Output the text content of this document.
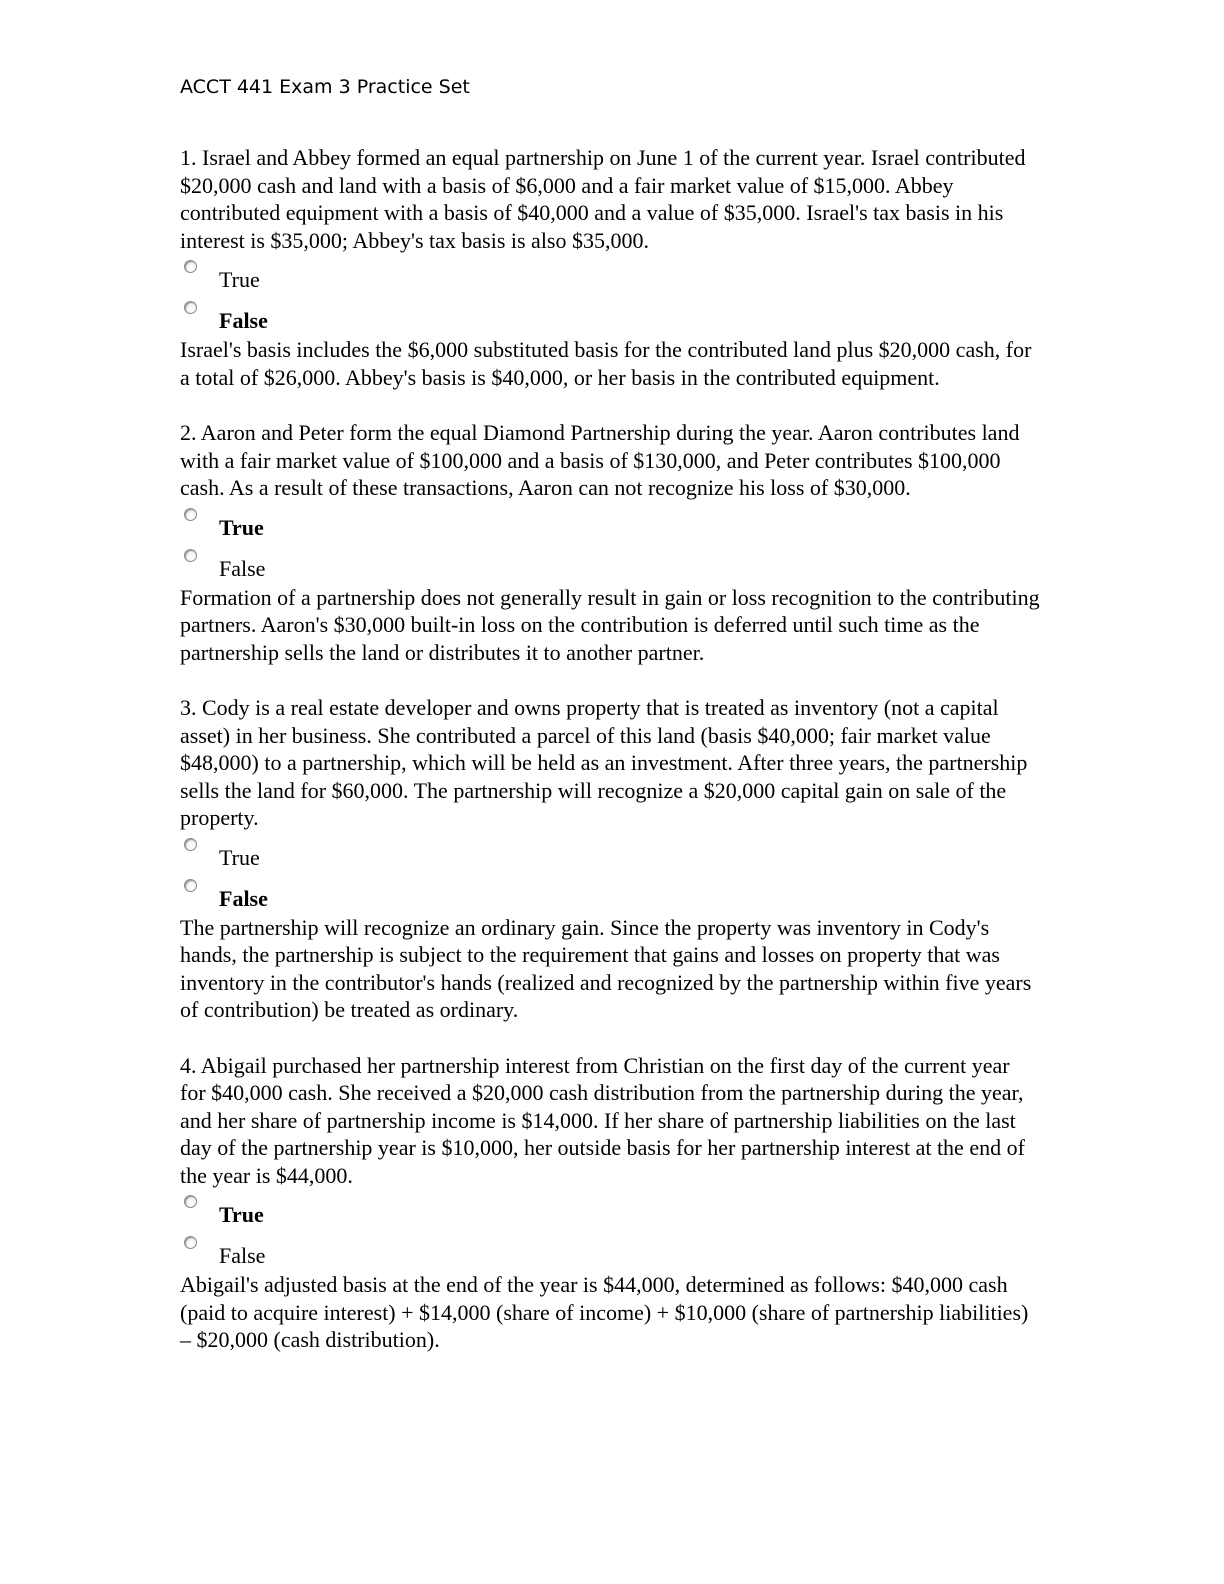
ACCT 441 Exam 3 Practice Set

1. Israel and Abbey formed an equal partnership on June 1 of the current year. Israel contributed $20,000 cash and land with a basis of $6,000 and a fair market value of $15,000. Abbey contributed equipment with a basis of $40,000 and a value of $35,000. Israel's tax basis in his interest is $35,000; Abbey's tax basis is also $35,000.

True
False

Israel's basis includes the $6,000 substituted basis for the contributed land plus $20,000 cash, for a total of $26,000. Abbey's basis is $40,000, or her basis in the contributed equipment.

2. Aaron and Peter form the equal Diamond Partnership during the year. Aaron contributes land with a fair market value of $100,000 and a basis of $130,000, and Peter contributes $100,000 cash. As a result of these transactions, Aaron can not recognize his loss of $30,000.

True
False

Formation of a partnership does not generally result in gain or loss recognition to the contributing partners. Aaron's $30,000 built-in loss on the contribution is deferred until such time as the partnership sells the land or distributes it to another partner.

3. Cody is a real estate developer and owns property that is treated as inventory (not a capital asset) in her business. She contributed a parcel of this land (basis $40,000; fair market value $48,000) to a partnership, which will be held as an investment. After three years, the partnership sells the land for $60,000. The partnership will recognize a $20,000 capital gain on sale of the property.

True
False

The partnership will recognize an ordinary gain. Since the property was inventory in Cody's hands, the partnership is subject to the requirement that gains and losses on property that was inventory in the contributor's hands (realized and recognized by the partnership within five years of contribution) be treated as ordinary.

4. Abigail purchased her partnership interest from Christian on the first day of the current year for $40,000 cash. She received a $20,000 cash distribution from the partnership during the year, and her share of partnership income is $14,000. If her share of partnership liabilities on the last day of the partnership year is $10,000, her outside basis for her partnership interest at the end of the year is $44,000.

True
False

Abigail's adjusted basis at the end of the year is $44,000, determined as follows: $40,000 cash (paid to acquire interest) + $14,000 (share of income) + $10,000 (share of partnership liabilities) – $20,000 (cash distribution).
